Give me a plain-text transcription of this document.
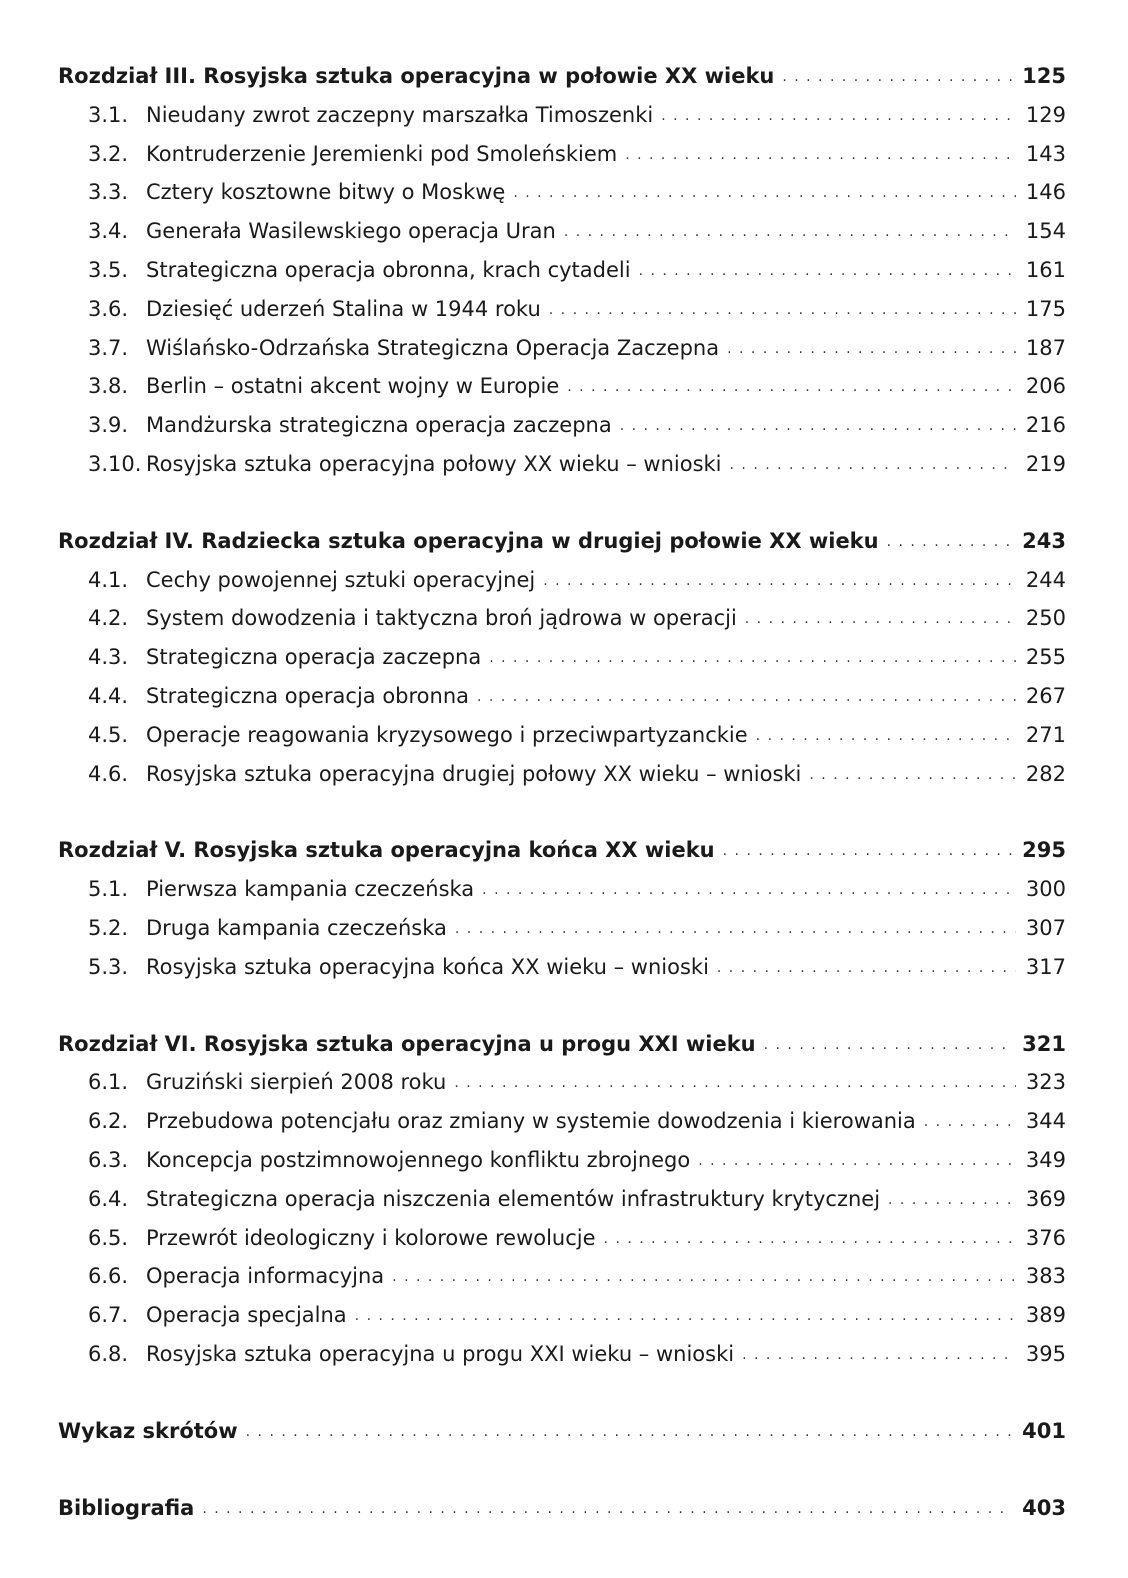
Rozdział III. Rosyjska sztuka operacyjna w połowie XX wieku . . .	125
3.1. Nieudany zwrot zaczepny marszałka Timoszenki . . .	129
3.2. Kontruderzenie Jeremienki pod Smoleńskiem . . .	143
3.3. Cztery kosztowne bitwy o Moskwę . . .	146
3.4. Generała Wasilewskiego operacja Uran . . .	154
3.5. Strategiczna operacja obronna, krach cytadeli . . .	161
3.6. Dziesięć uderzeń Stalina w 1944 roku . . .	175
3.7. Wiślańsko-Odrzańska Strategiczna Operacja Zaczepna . . .	187
3.8. Berlin – ostatni akcent wojny w Europie . . .	206
3.9. Mandżurska strategiczna operacja zaczepna . . .	216
3.10. Rosyjska sztuka operacyjna połowy XX wieku – wnioski . . .	219
Rozdział IV. Radziecka sztuka operacyjna w drugiej połowie XX wieku . . .	243
4.1. Cechy powojennej sztuki operacyjnej . . .	244
4.2. System dowodzenia i taktyczna broń jądrowa w operacji . . .	250
4.3. Strategiczna operacja zaczepna . . .	255
4.4. Strategiczna operacja obronna . . .	267
4.5. Operacje reagowania kryzysowego i przeciwpartyzanckie . . .	271
4.6. Rosyjska sztuka operacyjna drugiej połowy XX wieku – wnioski . . .	282
Rozdział V. Rosyjska sztuka operacyjna końca XX wieku . . .	295
5.1. Pierwsza kampania czeczeńska . . .	300
5.2. Druga kampania czeczeńska . . .	307
5.3. Rosyjska sztuka operacyjna końca XX wieku – wnioski . . .	317
Rozdział VI. Rosyjska sztuka operacyjna u progu XXI wieku . . .	321
6.1. Gruziński sierpień 2008 roku . . .	323
6.2. Przebudowa potencjału oraz zmiany w systemie dowodzenia i kierowania . . .	344
6.3. Koncepcja postzimnowojennego konfliktu zbrojnego . . .	349
6.4. Strategiczna operacja niszczenia elementów infrastruktury krytycznej . . .	369
6.5. Przewrót ideologiczny i kolorowe rewolucje . . .	376
6.6. Operacja informacyjna . . .	383
6.7. Operacja specjalna . . .	389
6.8. Rosyjska sztuka operacyjna u progu XXI wieku – wnioski . . .	395
Wykaz skrótów . . .	401
Bibliografia . . .	403
